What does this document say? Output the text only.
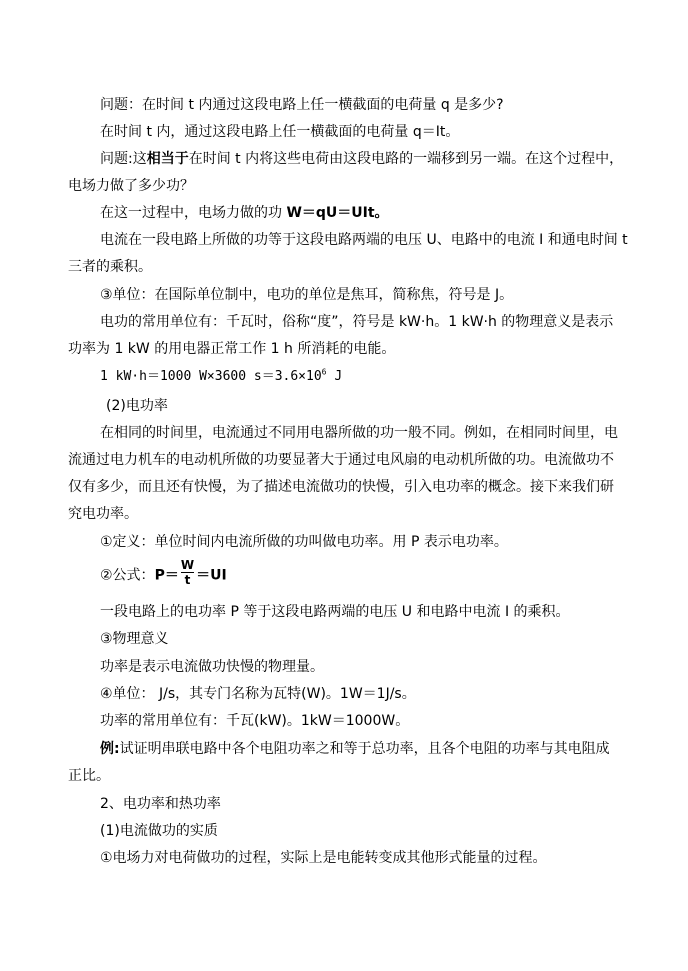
问题：在时间 t 内通过这段电路上任一横截面的电荷量 q 是多少?
在时间 t 内，通过这段电路上任一横截面的电荷量 q＝It。
问题:这相当于在时间 t 内将这些电荷由这段电路的一端移到另一端。在这个过程中，
电场力做了多少功？
在这一过程中，电场力做的功 W＝qU＝UIt。
电流在一段电路上所做的功等于这段电路两端的电压 U、电路中的电流 I 和通电时间 t
三者的乘积。
③单位：在国际单位制中，电功的单位是焦耳，简称焦，符号是 J。
电功的常用单位有：千瓦时，俗称“度”，符号是 kW·h。1 kW·h 的物理意义是表示
功率为 1 kW 的用电器正常工作 1 h 所消耗的电能。
1 kW·h＝1000 W×3600 $s=3.6\times 10^6$ J
(2)电功率
在相同的时间里，电流通过不同用电器所做的功一般不同。例如，在相同时间里，电
流通过电力机车的电动机所做的功要显著大于通过电风扇的电动机所做的功。电流做功不
仅有多少，而且还有快慢，为了描述电流做功的快慢，引入电功率的概念。接下来我们研
究电功率。
①定义：单位时间内电流所做的功叫做电功率。用 P 表示电功率。
②公式：$P= \frac{W}{t} =UI$
一段电路上的电功率 P 等于这段电路两端的电压 U 和电路中电流 I 的乘积。
③物理意义
功率是表示电流做功快慢的物理量。
④单位： J/s，其专门名称为瓦特(W)。1W＝1J/s。
功率的常用单位有：千瓦(kW)。1kW＝1000W。
例:试证明串联电路中各个电阻功率之和等于总功率，且各个电阻的功率与其电阻成
正比。
2、电功率和热功率
(1)电流做功的实质
①电场力对电荷做功的过程，实际上是电能转变成其他形式能量的过程。
